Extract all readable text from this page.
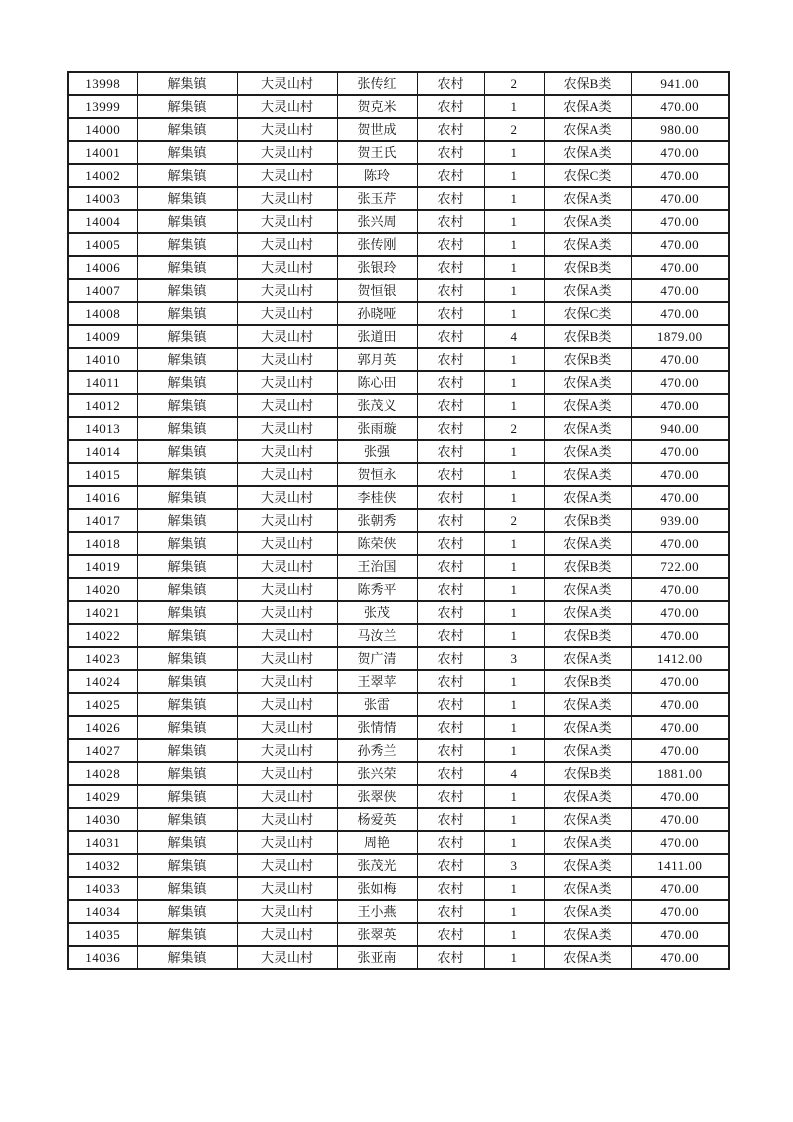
13998	解集镇	大灵山村	张传红	农村	2	农保B类	941.00
13999	解集镇	大灵山村	贺克米	农村	1	农保A类	470.00
14000	解集镇	大灵山村	贺世成	农村	2	农保A类	980.00
14001	解集镇	大灵山村	贺王氏	农村	1	农保A类	470.00
14002	解集镇	大灵山村	陈玲	农村	1	农保C类	470.00
14003	解集镇	大灵山村	张玉芹	农村	1	农保A类	470.00
14004	解集镇	大灵山村	张兴周	农村	1	农保A类	470.00
14005	解集镇	大灵山村	张传刚	农村	1	农保A类	470.00
14006	解集镇	大灵山村	张银玲	农村	1	农保B类	470.00
14007	解集镇	大灵山村	贺恒银	农村	1	农保A类	470.00
14008	解集镇	大灵山村	孙晓哑	农村	1	农保C类	470.00
14009	解集镇	大灵山村	张道田	农村	4	农保B类	1879.00
14010	解集镇	大灵山村	郭月英	农村	1	农保B类	470.00
14011	解集镇	大灵山村	陈心田	农村	1	农保A类	470.00
14012	解集镇	大灵山村	张茂义	农村	1	农保A类	470.00
14013	解集镇	大灵山村	张雨璇	农村	2	农保A类	940.00
14014	解集镇	大灵山村	张强	农村	1	农保A类	470.00
14015	解集镇	大灵山村	贺恒永	农村	1	农保A类	470.00
14016	解集镇	大灵山村	李桂侠	农村	1	农保A类	470.00
14017	解集镇	大灵山村	张朝秀	农村	2	农保B类	939.00
14018	解集镇	大灵山村	陈荣侠	农村	1	农保A类	470.00
14019	解集镇	大灵山村	王治国	农村	1	农保B类	722.00
14020	解集镇	大灵山村	陈秀平	农村	1	农保A类	470.00
14021	解集镇	大灵山村	张茂	农村	1	农保A类	470.00
14022	解集镇	大灵山村	马汝兰	农村	1	农保B类	470.00
14023	解集镇	大灵山村	贺广清	农村	3	农保A类	1412.00
14024	解集镇	大灵山村	王翠苹	农村	1	农保B类	470.00
14025	解集镇	大灵山村	张雷	农村	1	农保A类	470.00
14026	解集镇	大灵山村	张情情	农村	1	农保A类	470.00
14027	解集镇	大灵山村	孙秀兰	农村	1	农保A类	470.00
14028	解集镇	大灵山村	张兴荣	农村	4	农保B类	1881.00
14029	解集镇	大灵山村	张翠侠	农村	1	农保A类	470.00
14030	解集镇	大灵山村	杨爱英	农村	1	农保A类	470.00
14031	解集镇	大灵山村	周艳	农村	1	农保A类	470.00
14032	解集镇	大灵山村	张茂光	农村	3	农保A类	1411.00
14033	解集镇	大灵山村	张如梅	农村	1	农保A类	470.00
14034	解集镇	大灵山村	王小燕	农村	1	农保A类	470.00
14035	解集镇	大灵山村	张翠英	农村	1	农保A类	470.00
14036	解集镇	大灵山村	张亚南	农村	1	农保A类	470.00
